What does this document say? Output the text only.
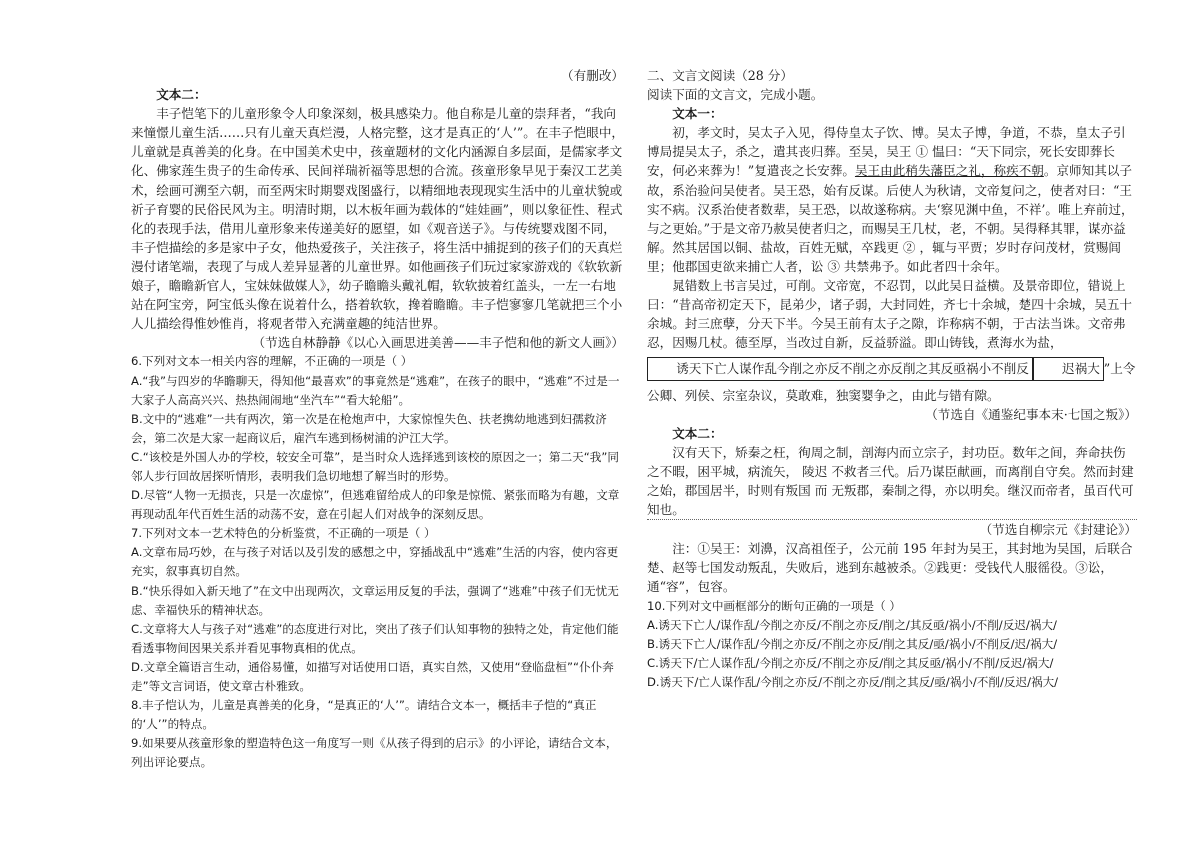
（有删改）

文本二：

丰子恺笔下的儿童形象令人印象深刻，极具感染力。他自称是儿童的崇拜者，“我向来憧憬儿童生活……只有儿童天真烂漫，人格完整，这才是真正的‘人’”。在丰子恺眼中，儿童就是真善美的化身。在中国美术史中，孩童题材的文化内涵源自多层面，是儒家孝文化、佛家莲生贵子的生命传承、民间祥瑞祈福等思想的合流。孩童形象早见于秦汉工艺美术，绘画可溯至六朝，而至两宋时期婴戏图盛行，以精细地表现现实生活中的儿童状貌或祈子育婴的民俗民风为主。明清时期，以木板年画为载体的“娃娃画”，则以象征性、程式化的表现手法，借用儿童形象来传递美好的愿望，如《观音送子》。与传统婴戏图不同，丰子恺描绘的多是家中子女，他热爱孩子，关注孩子，将生活中捕捉到的孩子们的天真烂漫付诸笔端，表现了与成人差异显著的儿童世界。如他画孩子们玩过家家游戏的《软软新娘子，瞻瞻新官人，宝妹妹做媒人》，幼子瞻瞻头戴礼帽，软软披着红盖头，一左一右地站在阿宝旁，阿宝低头像在说着什么，搭着软软，搀着瞻瞻。丰子恺寥寥几笔就把三个小人儿描绘得惟妙惟肖，将观者带入充满童趣的纯洁世界。

（节选自林静静《以心入画思进美善——丰子恺和他的新文人画》）

6.下列对文本一相关内容的理解，不正确的一项是（ ）

A.“我”与四岁的华瞻聊天，得知他“最喜欢”的事竟然是“逃难”，在孩子的眼中，“逃难”不过是一大家子人高高兴兴、热热闹闹地“坐汽车”“看大轮船”。

B.文中的“逃难”一共有两次，第一次是在枪炮声中，大家惊惶失色、扶老携幼地逃到妇孺救济会，第二次是大家一起商议后，雇汽车逃到杨树浦的沪江大学。

C.“该校是外国人办的学校，较安全可靠”，是当时众人选择逃到该校的原因之一；第二天“我”同邻人步行回故居探听情形，表明我们急切地想了解当时的形势。

D.尽管“人物一无损丧，只是一次虚惊”，但逃难留给成人的印象是惊慌、紧张而略为有趣，文章再现动乱年代百姓生活的动荡不安，意在引起人们对战争的深刻反思。

7.下列对文本一艺术特色的分析鉴赏，不正确的一项是（ ）

A.文章布局巧妙，在与孩子对话以及引发的感想之中，穿插战乱中“逃难”生活的内容，使内容更充实，叙事真切自然。

B.“快乐得如入新天地了”在文中出现两次，文章运用反复的手法，强调了“逃难”中孩子们无忧无虑、幸福快乐的精神状态。

C.文章将大人与孩子对“逃难”的态度进行对比，突出了孩子们认知事物的独特之处，肯定他们能看透事物间因果关系并看见事物真相的优点。

D.文章全篇语言生动，通俗易懂，如描写对话使用口语，真实自然，又使用“登临盘桓”“仆仆奔走”等文言词语，使文章古朴雅致。

8.丰子恺认为，儿童是真善美的化身，“是真正的‘人’”。请结合文本一，概括丰子恺的“真正的‘人’”的特点。

9.如果要从孩童形象的塑造特色这一角度写一则《从孩子得到的启示》的小评论，请结合文本，列出评论要点。

二、文言文阅读（28 分）

阅读下面的文言文，完成小题。

文本一：

初，孝文时，吴太子入见，得侍皇太子饮、博。吴太子博，争道，不恭，皇太子引博局提吴太子，杀之，遣其丧归葬。至吴，吴王 ① 愠曰：“天下同宗，死长安即葬长安，何必来葬为！”复遣丧之长安葬。吴王由此稍失藩臣之礼，称疾不朝。京师知其以子故，系治验问吴使者。吴王恐，始有反谋。后使人为秋请，文帝复问之，使者对曰：“王实不病。汉系治使者数辈，吴王恐，以故遂称病。夫‘察见渊中鱼，不祥’。唯上弃前过，与之更始。”于是文帝乃赦吴使者归之，而赐吴王几杖，老，不朝。吴得释其罪，谋亦益解。然其居国以铜、盐故，百姓无赋，卒践更 ② ，辄与平贾；岁时存问茂材，赏赐闾里；他郡国吏欲来捕亡人者，讼 ③ 共禁弗予。如此者四十余年。

晁错数上书言吴过，可削。文帝宽，不忍罚，以此吴日益横。及景帝即位，错说上曰：“昔高帝初定天下，昆弟少，诸子弱，大封同姓，齐七十余城，楚四十余城，吴五十余城。封三庶孽，分天下半。今吴王前有太子之隙，诈称病不朝，于古法当诛。文帝弗忍，因赐几杖。德至厚，当改过自新，反益骄溢。即山铸钱，煮海水为盐，诱天下亡人谋作乱今削之亦反不削之亦反削之其反亟祸小不削反	迟祸大 ”上令公卿、列侯、宗室杂议，莫敢难，独窦婴争之，由此与错有隙。

（节选自《通鉴纪事本末·七国之叛》）

文本二：

汉有天下，矫秦之枉，徇周之制，剖海内而立宗子，封功臣。数年之间，奔命扶伤之不暇，困平城，病流矢， 陵迟 不救者三代。后乃谋臣献画，而离削自守矣。然而封建之始，郡国居半，时则有叛国 而 无叛郡，秦制之得，亦以明矣。继汉而帝者，虽百代可知也。

（节选自柳宗元《封建论》）

注：①吴王：刘濞，汉高祖侄子，公元前 195 年封为吴王，其封地为吴国，后联合楚、赵等七国发动叛乱，失败后，逃到东越被杀。②践更：受钱代人服徭役。③讼，通“容”，包容。

10.下列对文中画框部分的断句正确的一项是（ ）

A.诱天下亡人/谋作乱/今削之亦反/不削之亦反/削之/其反亟/祸小/不削/反迟/祸大/

B.诱天下亡人/谋作乱/今削之亦反/不削之亦反/削之其反/亟/祸小/不削反/迟/祸大/

C.诱天下/亡人谋作乱/今削之亦反/不削之亦反/削之其反亟/祸小/不削/反迟/祸大/

D.诱天下/亡人谋作乱/今削之亦反/不削之亦反/削之其反/亟/祸小/不削/反迟/祸大/
